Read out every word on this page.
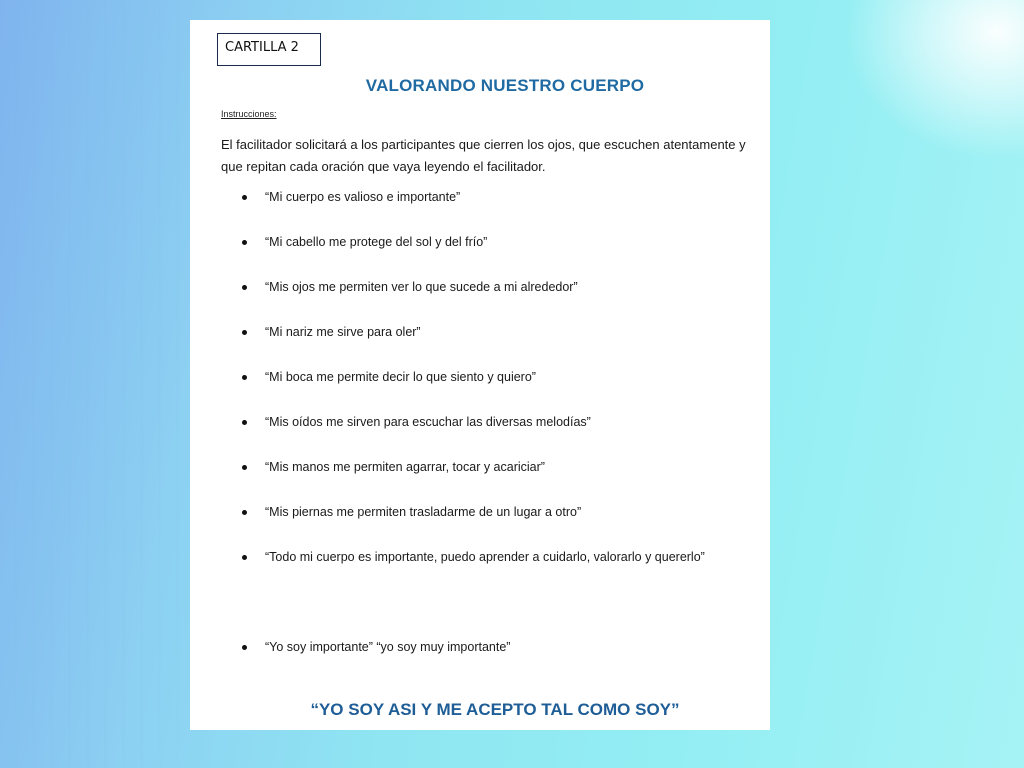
CARTILLA 2
VALORANDO NUESTRO CUERPO
Instrucciones:
El facilitador solicitará a los participantes que cierren los ojos, que escuchen atentamente y que repitan cada oración que vaya leyendo el facilitador.
“Mi cuerpo es valioso e importante”
“Mi cabello me protege del sol y del frío”
“Mis ojos me permiten ver lo que sucede a mi alrededor”
“Mi nariz me sirve para oler”
“Mi boca me permite decir lo que siento y quiero”
“Mis oídos me sirven para escuchar las diversas melodías”
“Mis manos me permiten agarrar, tocar y acariciar”
“Mis piernas me permiten trasladarme de un lugar a otro”
“Todo mi cuerpo es importante, puedo aprender a cuidarlo, valorarlo y quererlo”
“Yo soy importante” “yo soy muy importante”
“YO SOY ASI Y ME ACEPTO TAL COMO SOY”
